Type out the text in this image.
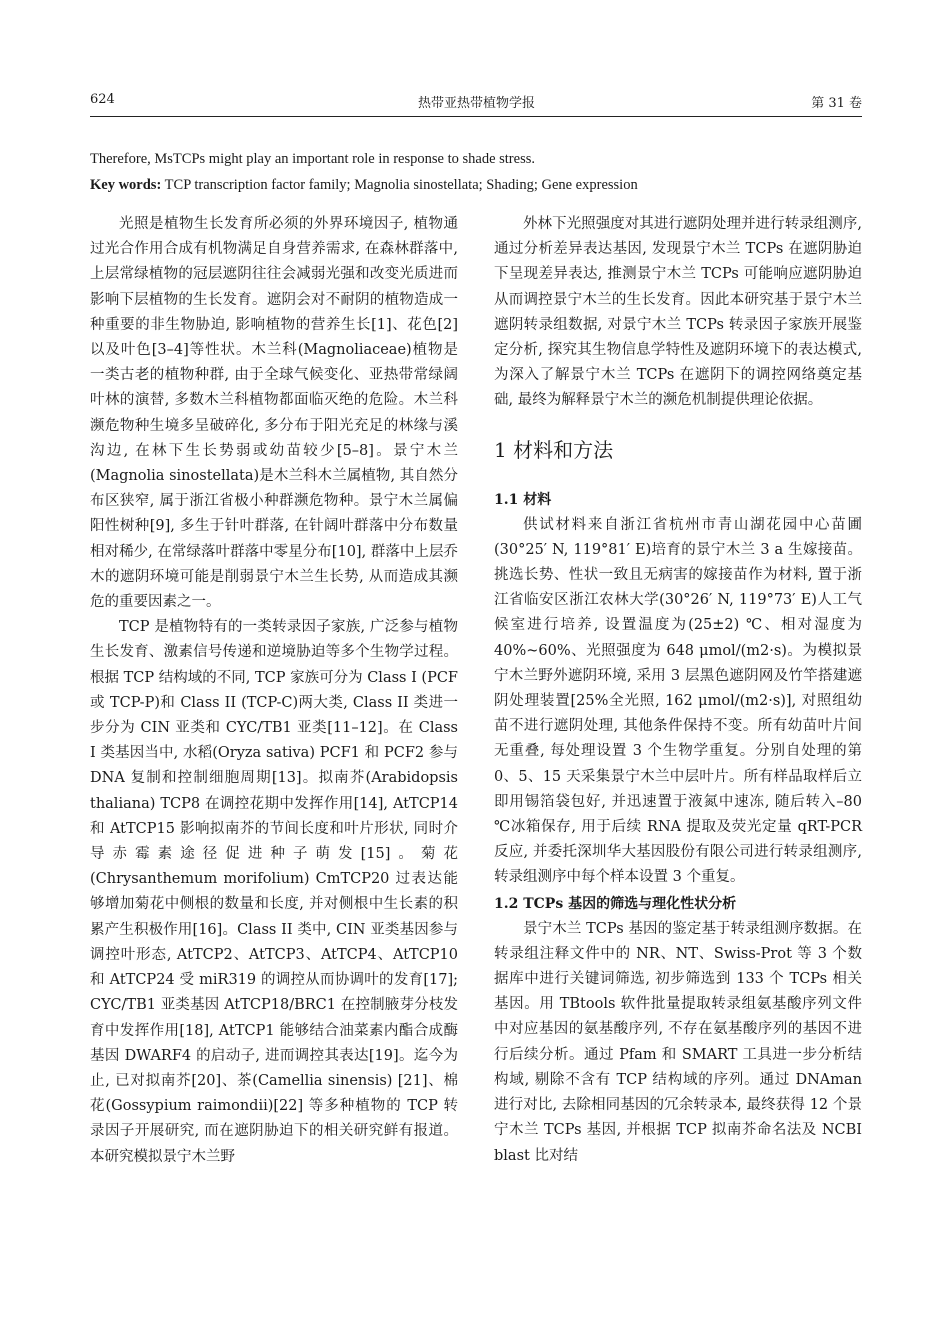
624	热带亚热带植物学报	第 31 卷
Therefore, MsTCPs might play an important role in response to shade stress.
Key words: TCP transcription factor family; Magnolia sinostellata; Shading; Gene expression

光照是植物生长发育所必须的外界环境因子, 植物通过光合作用合成有机物满足自身营养需求, 在森林群落中, 上层常绿植物的冠层遮阴往往会减弱光强和改变光质进而影响下层植物的生长发育。遮阴会对不耐阴的植物造成一种重要的非生物胁迫, 影响植物的营养生长[1]、花色[2]以及叶色[3–4]等性状。木兰科(Magnoliaceae)植物是一类古老的植物种群, 由于全球气候变化、亚热带常绿阔叶林的演替, 多数木兰科植物都面临灭绝的危险。木兰科濒危物种生境多呈破碎化, 多分布于阳光充足的林缘与溪沟边, 在林下生长势弱或幼苗较少[5–8]。景宁木兰(Magnolia sinostellata)是木兰科木兰属植物, 其自然分布区狭窄, 属于浙江省极小种群濒危物种。景宁木兰属偏阳性树种[9], 多生于针叶群落, 在针阔叶群落中分布数量相对稀少, 在常绿落叶群落中零星分布[10], 群落中上层乔木的遮阴环境可能是削弱景宁木兰生长势, 从而造成其濒危的重要因素之一。

TCP 是植物特有的一类转录因子家族, 广泛参与植物生长发育、激素信号传递和逆境胁迫等多个生物学过程。根据 TCP 结构域的不同, TCP 家族可分为 Class I (PCF 或 TCP-P)和 Class II (TCP-C)两大类, Class II 类进一步分为 CIN 亚类和 CYC/TB1 亚类[11–12]。在 Class I 类基因当中, 水稻(Oryza sativa) PCF1 和 PCF2 参与 DNA 复制和控制细胞周期[13]。拟南芥(Arabidopsis thaliana) TCP8 在调控花期中发挥作用[14], AtTCP14 和 AtTCP15 影响拟南芥的节间长度和叶片形状, 同时介导赤霉素途径促进种子萌发[15]。菊花(Chrysanthemum morifolium) CmTCP20 过表达能够增加菊花中侧根的数量和长度, 并对侧根中生长素的积累产生积极作用[16]。Class II 类中, CIN 亚类基因参与调控叶形态, AtTCP2、AtTCP3、AtTCP4、AtTCP10 和 AtTCP24 受 miR319 的调控从而协调叶的发育[17]; CYC/TB1 亚类基因 AtTCP18/BRC1 在控制腋芽分枝发育中发挥作用[18], AtTCP1 能够结合油菜素内酯合成酶基因 DWARF4 的启动子, 进而调控其表达[19]。迄今为止, 已对拟南芥[20]、茶(Camellia sinensis) [21]、棉花(Gossypium raimondii)[22] 等多种植物的 TCP 转录因子开展研究, 而在遮阴胁迫下的相关研究鲜有报道。本研究模拟景宁木兰野

外林下光照强度对其进行遮阴处理并进行转录组测序, 通过分析差异表达基因, 发现景宁木兰 TCPs 在遮阴胁迫下呈现差异表达, 推测景宁木兰 TCPs 可能响应遮阴胁迫从而调控景宁木兰的生长发育。因此本研究基于景宁木兰遮阴转录组数据, 对景宁木兰 TCPs 转录因子家族开展鉴定分析, 探究其生物信息学特性及遮阴环境下的表达模式, 为深入了解景宁木兰 TCPs 在遮阴下的调控网络奠定基础, 最终为解释景宁木兰的濒危机制提供理论依据。

1 材料和方法
1.1 材料

供试材料来自浙江省杭州市青山湖花园中心苗圃(30°25′ N, 119°81′ E)培育的景宁木兰 3 a 生嫁接苗。挑选长势、性状一致且无病害的嫁接苗作为材料, 置于浙江省临安区浙江农林大学(30°26′ N, 119°73′ E)人工气候室进行培养, 设置温度为(25±2) ℃、相对湿度为 40%~60%、光照强度为 648 μmol/(m2·s)。为模拟景宁木兰野外遮阴环境, 采用 3 层黑色遮阴网及竹竿搭建遮阴处理装置[25%全光照, 162 μmol/(m2·s)], 对照组幼苗不进行遮阴处理, 其他条件保持不变。所有幼苗叶片间无重叠, 每处理设置 3 个生物学重复。分别自处理的第 0、5、15 天采集景宁木兰中层叶片。所有样品取样后立即用锡箔袋包好, 并迅速置于液氮中速冻, 随后转入–80 ℃冰箱保存, 用于后续 RNA 提取及荧光定量 qRT-PCR 反应, 并委托深圳华大基因股份有限公司进行转录组测序, 转录组测序中每个样本设置 3 个重复。

1.2 TCPs 基因的筛选与理化性状分析

景宁木兰 TCPs 基因的鉴定基于转录组测序数据。在转录组注释文件中的 NR、NT、Swiss-Prot 等 3 个数据库中进行关键词筛选, 初步筛选到 133 个 TCPs 相关基因。用 TBtools 软件批量提取转录组氨基酸序列文件中对应基因的氨基酸序列, 不存在氨基酸序列的基因不进行后续分析。通过 Pfam 和 SMART 工具进一步分析结构域, 剔除不含有 TCP 结构域的序列。通过 DNAman 进行对比, 去除相同基因的冗余转录本, 最终获得 12 个景宁木兰 TCPs 基因, 并根据 TCP 拟南芥命名法及 NCBI blast 比对结
